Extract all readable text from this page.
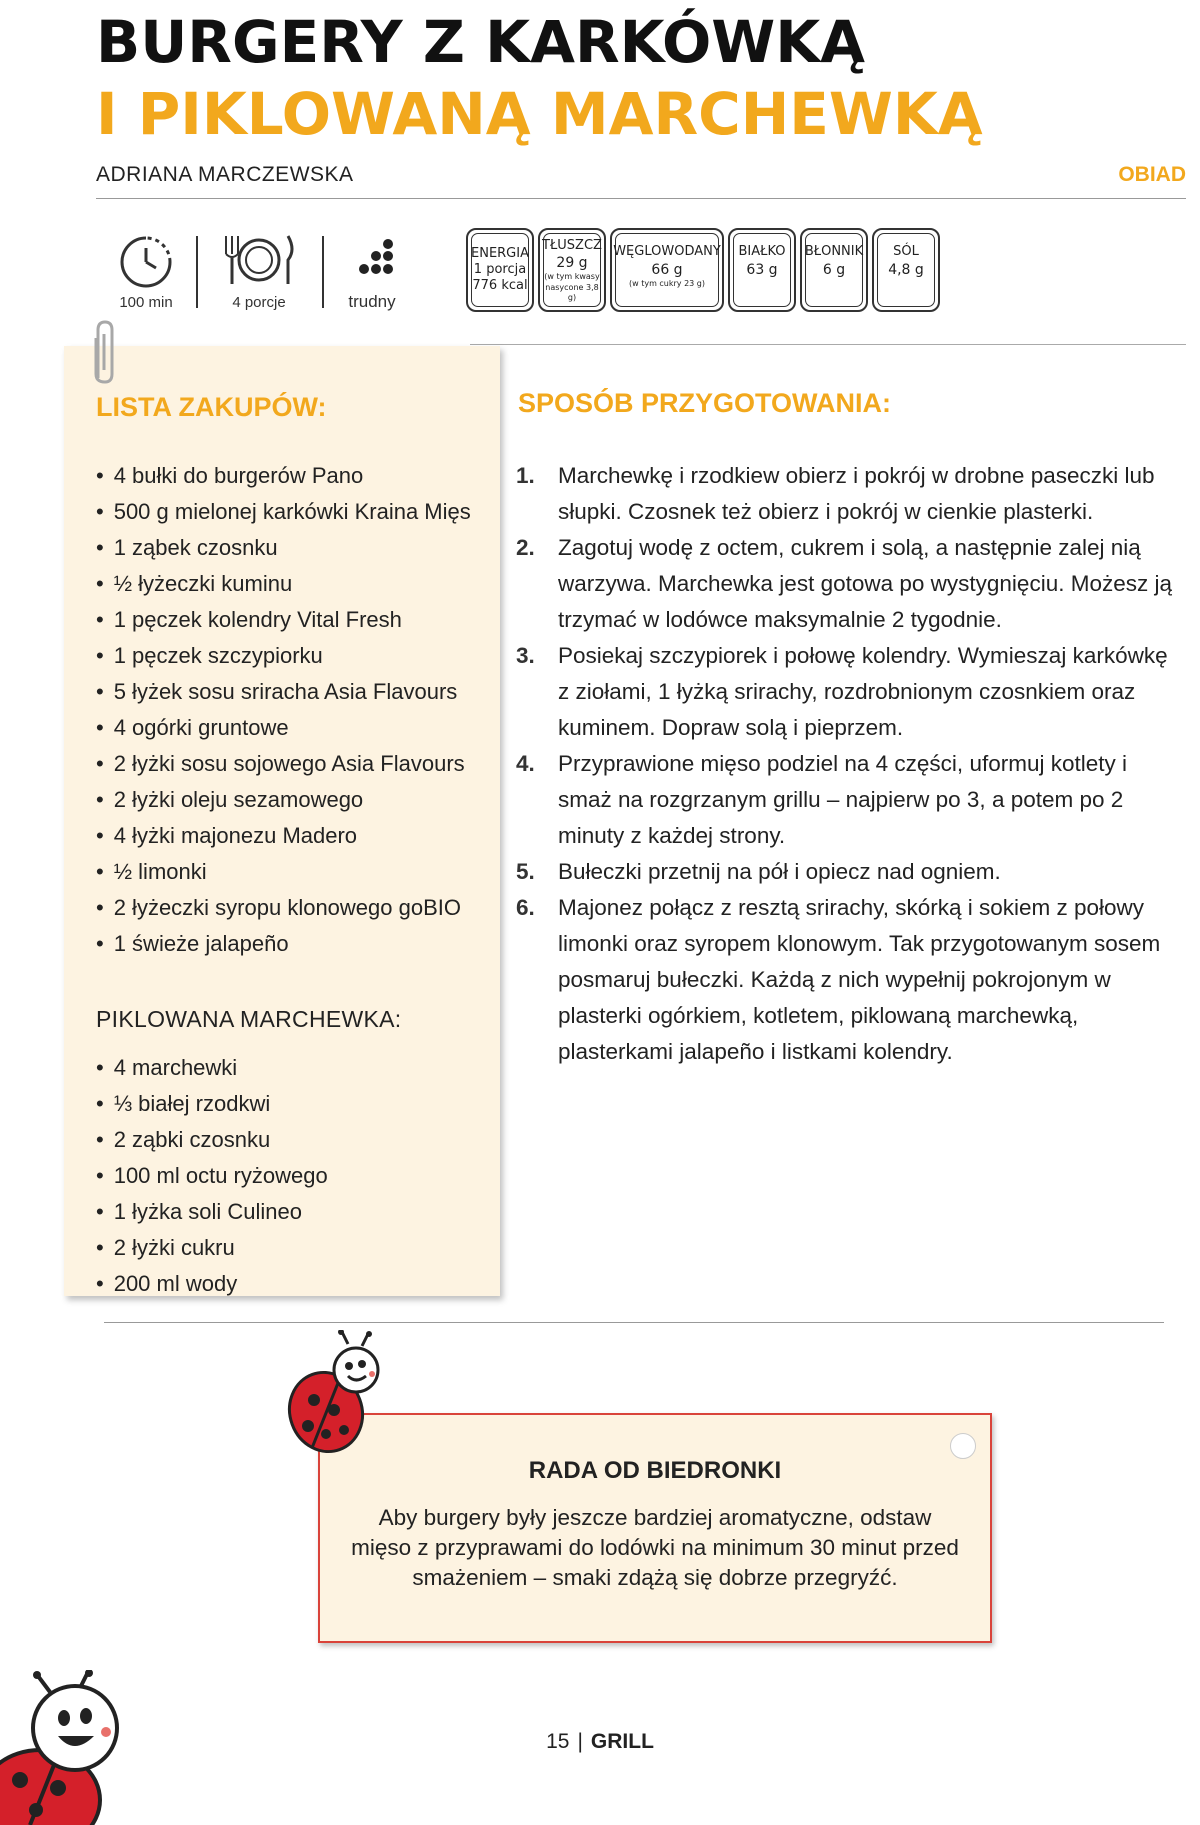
BURGERY Z KARKÓWKĄ
I PIKLOWANĄ MARCHEWKĄ
ADRIANA MARCZEWSKA	OBIAD
100 min	4 porcje	trudny
ENERGIA
1 porcja
776 kcal
TŁUSZCZ
29 g
(w tym kwasy
nasycone 3,8 g)
WĘGLOWODANY
66 g
(w tym cukry 23 g)
BIAŁKO
63 g
BŁONNIK
6 g
SÓL
4,8 g
LISTA ZAKUPÓW:
• 4 bułki do burgerów Pano
• 500 g mielonej karkówki Kraina Mięs
• 1 ząbek czosnku
• ½ łyżeczki kuminu
• 1 pęczek kolendry Vital Fresh
• 1 pęczek szczypiorku
• 5 łyżek sosu sriracha Asia Flavours
• 4 ogórki gruntowe
• 2 łyżki sosu sojowego Asia Flavours
• 2 łyżki oleju sezamowego
• 4 łyżki majonezu Madero
• ½ limonki
• 2 łyżeczki syropu klonowego goBIO
• 1 świeże jalapeño
PIKLOWANA MARCHEWKA:
• 4 marchewki
• ⅓ białej rzodkwi
• 2 ząbki czosnku
• 100 ml octu ryżowego
• 1 łyżka soli Culineo
• 2 łyżki cukru
• 200 ml wody
SPOSÓB PRZYGOTOWANIA:
1. Marchewkę i rzodkiew obierz i pokrój w drobne paseczki lub słupki. Czosnek też obierz i pokrój w cienkie plasterki.
2. Zagotuj wodę z octem, cukrem i solą, a następnie zalej nią warzywa. Marchewka jest gotowa po wystygnięciu. Możesz ją trzymać w lodówce maksymalnie 2 tygodnie.
3. Posiekaj szczypiorek i połowę kolendry. Wymieszaj karkówkę z ziołami, 1 łyżką srirachy, rozdrobnionym czosnkiem oraz kuminem. Dopraw solą i pieprzem.
4. Przyprawione mięso podziel na 4 części, uformuj kotlety i smaż na rozgrzanym grillu – najpierw po 3, a potem po 2 minuty z każdej strony.
5. Bułeczki przetnij na pół i opiecz nad ogniem.
6. Majonez połącz z resztą srirachy, skórką i sokiem z połowy limonki oraz syropem klonowym. Tak przygotowanym sosem posmaruj bułeczki. Każdą z nich wypełnij pokrojonym w plasterki ogórkiem, kotletem, piklowaną marchewką, plasterkami jalapeño i listkami kolendry.
RADA OD BIEDRONKI

Aby burgery były jeszcze bardziej aromatyczne, odstaw mięso z przyprawami do lodówki na minimum 30 minut przed smażeniem – smaki zdążą się dobrze przegryźć.

15 | GRILL
